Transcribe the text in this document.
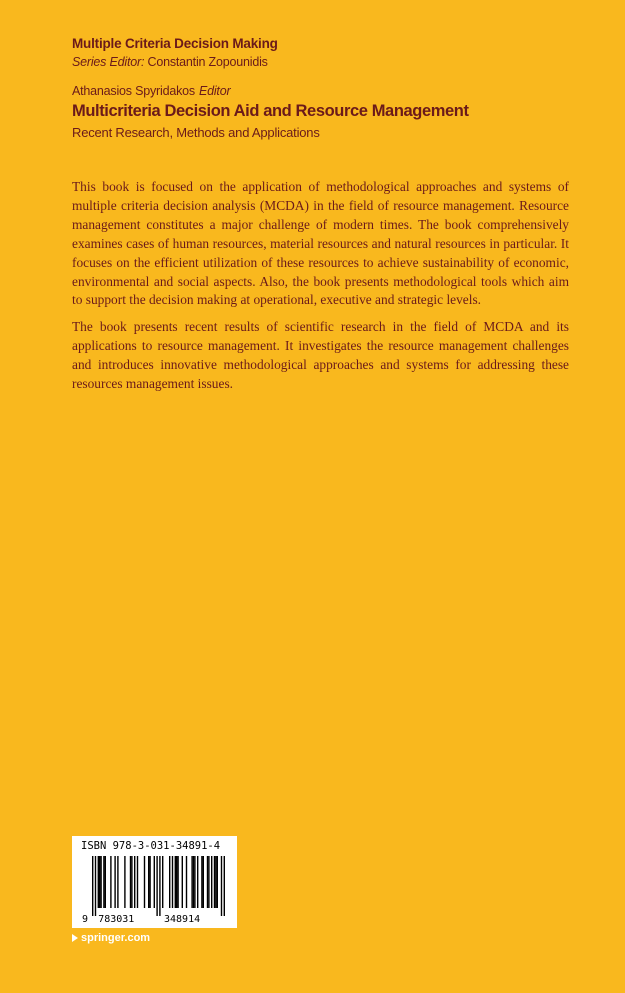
Multiple Criteria Decision Making
Series Editor: Constantin Zopounidis
Athanasios Spyridakos Editor
Multicriteria Decision Aid and Resource Management
Recent Research, Methods and Applications

This book is focused on the application of methodological approaches and systems of multiple criteria decision analysis (MCDA) in the field of resource management. Resource management constitutes a major challenge of modern times. The book comprehensively examines cases of human resources, material resources and natural resources in particular. It focuses on the efficient utilization of these resources to achieve sustainability of economic, environmental and social aspects. Also, the book presents methodological tools which aim to support the decision making at operational, executive and strategic levels.

The book presents recent results of scientific research in the field of MCDA and its applications to resource management. It investigates the resource management challenges and introduces innovative methodological approaches and systems for addressing these resources management issues.

ISBN 978-3-031-34891-4
9 783031	348914
springer.com
